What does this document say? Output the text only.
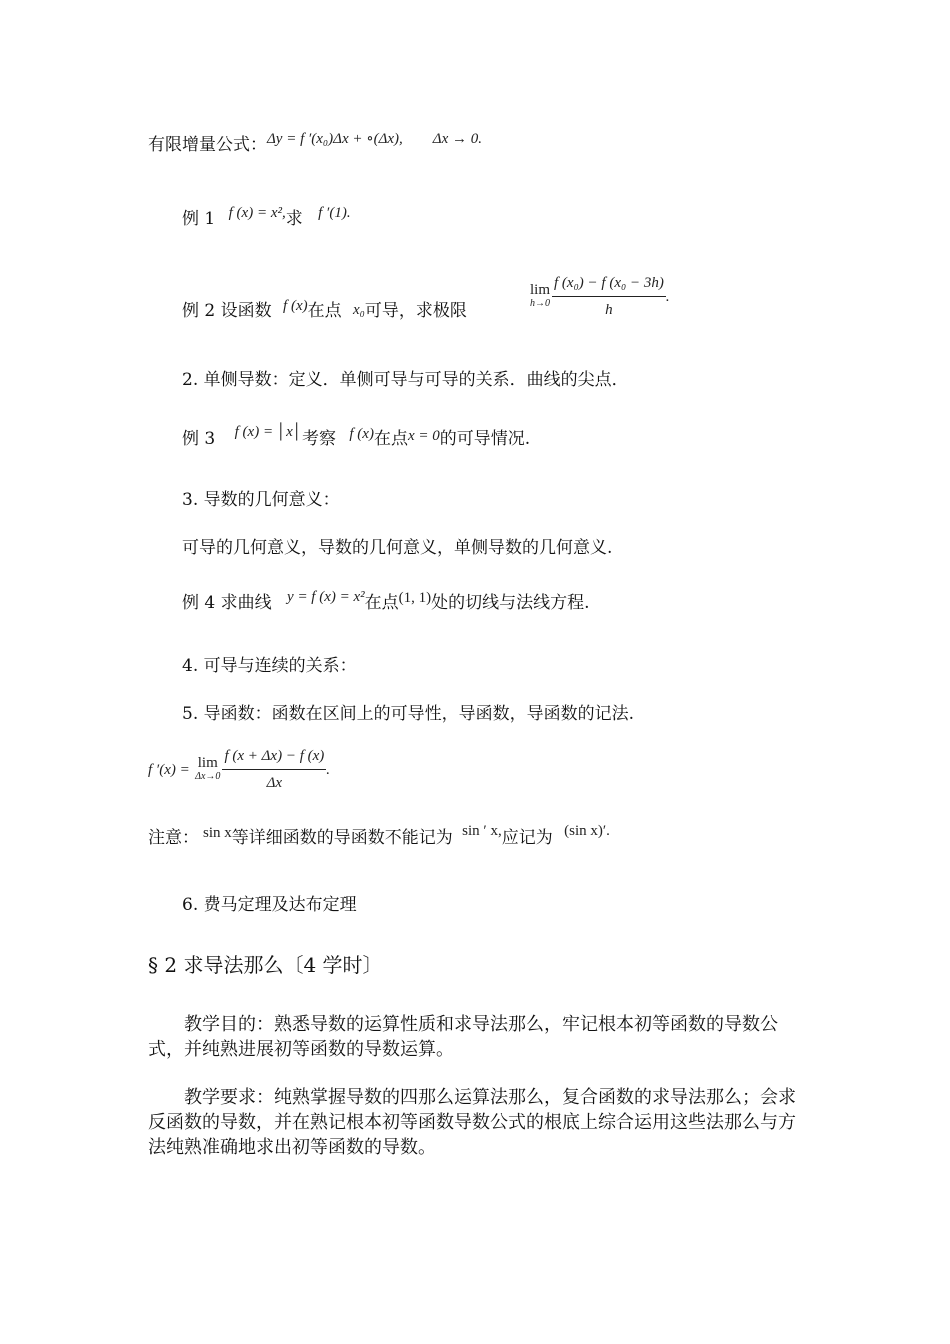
有限增量公式：Δy = f ′(x₀)Δx + ∘(Δx), Δx → 0.
例 1 f (x) = x²,求 f ′(1).
例 2 设函数 f (x)在点 x₀可导，求极限
lim
$h\to 0 \frac{\text{f (x₀) − f (x₀ − 3h)}}{h}$ .
2. 单侧导数：定义．单侧可导与可导的关系．曲线的尖点．
例 3 f (x) = │x│考察 f (x)在点x = 0的可导情况.
3. 导数的几何意义：
可导的几何意义，导数的几何意义，单侧导数的几何意义.
例 4 求曲线 y = f (x) = x²在点(1, 1)处的切线与法线方程.
4. 可导与连续的关系：
5. 导函数：函数在区间上的可导性，导函数，导函数的记法.
f ′(x) = lim
$\Delta x\to 0 \frac{f (x + \Delta x) - f (x)}{\Delta x}$ .
注意： sin x等详细函数的导函数不能记为 sin ′ x,应记为 (sin x)′.
6. 费马定理及达布定理
§ 2 求导法那么〔4 学时〕
教学目的：熟悉导数的运算性质和求导法那么，牢记根本初等函数的导数公式，并纯熟进展初等函数的导数运算。
教学要求：纯熟掌握导数的四那么运算法那么，复合函数的求导法那么；会求反函数的导数，并在熟记根本初等函数导数公式的根底上综合运用这些法那么与方法纯熟准确地求出初等函数的导数。
